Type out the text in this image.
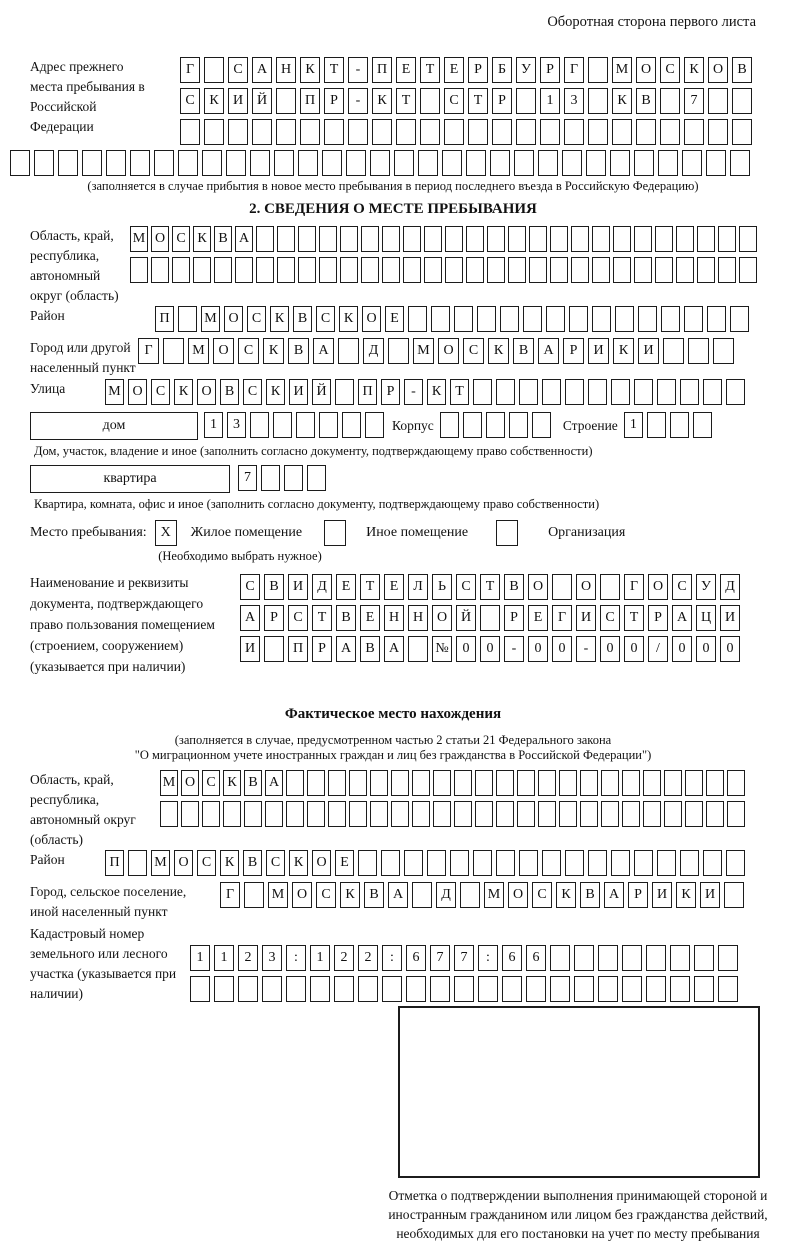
Оборотная сторона первого листа
Адрес прежнего места пребывания в Российской Федерации
Г	С	А Н	К	Т	-	П	Е	Т	Е	Р	Б	У	Р	Г	М О	С	К	О	В
С	К	И Й	П	Р	-	К	Т	С	Т	Р	1	3	К	В	7
(заполняется в случае прибытия в новое место пребывания в период последнего въезда в Российскую Федерацию)
2. СВЕДЕНИЯ О МЕСТЕ ПРЕБЫВАНИЯ
Область, край, республика, автономный округ (область)
М О С К В А
Район	П	М О С К В С К О Е
Город или другой населенный пункт
Г	М О	С	К	В	А	Д	М О	С	К	В	А	Р	И	К	И
Улица	М О С К О В С К И Й	П	Р	-	К	Т
дом	1	3	Корпус	Строение 1
Дом, участок, владение и иное (заполнить согласно документу, подтверждающему право собственности)
квартира	7
Квартира, комната, офис и иное (заполнить согласно документу, подтверждающему право собственности)
Место пребывания: X	Жилое помещение	Иное помещение	Организация
(Необходимо выбрать нужное)
Наименование и реквизиты документа, подтверждающего право пользования помещением (строением, сооружением) (указывается при наличии)
С	В	И	Д	Е	Т	Е	Л	Ь	С	Т	В	О	О	Г	О	С	У	Д
А	Р	С	Т	В	Е	Н Н О Й	Р	Е	Г	И	С	Т	Р	А Ц И
И	П	Р	А	В	А	№ 0	0	-	0	0	-	0	0	/	0	0	0
Фактическое место нахождения
(заполняется в случае, предусмотренном частью 2 статьи 21 Федерального закона
"О миграционном учете иностранных граждан и лиц без гражданства в Российской Федерации")
Область, край, республика, автономный округ (область)
М О С К В А
Район	П	М О С К В С К О Е
Город, сельское поселение, иной населенный пункт
Г	М О	С	К	В	А	Д	М О	С	К	В	А	Р	И	К	И
Кадастровый номер земельного или лесного участка (указывается при наличии)
1	1	2	3	:	1	2	2	:	6	7	7	:	6	6
Отметка о подтверждении выполнения принимающей стороной и иностранным гражданином или лицом без гражданства действий, необходимых для его постановки на учет по месту пребывания
